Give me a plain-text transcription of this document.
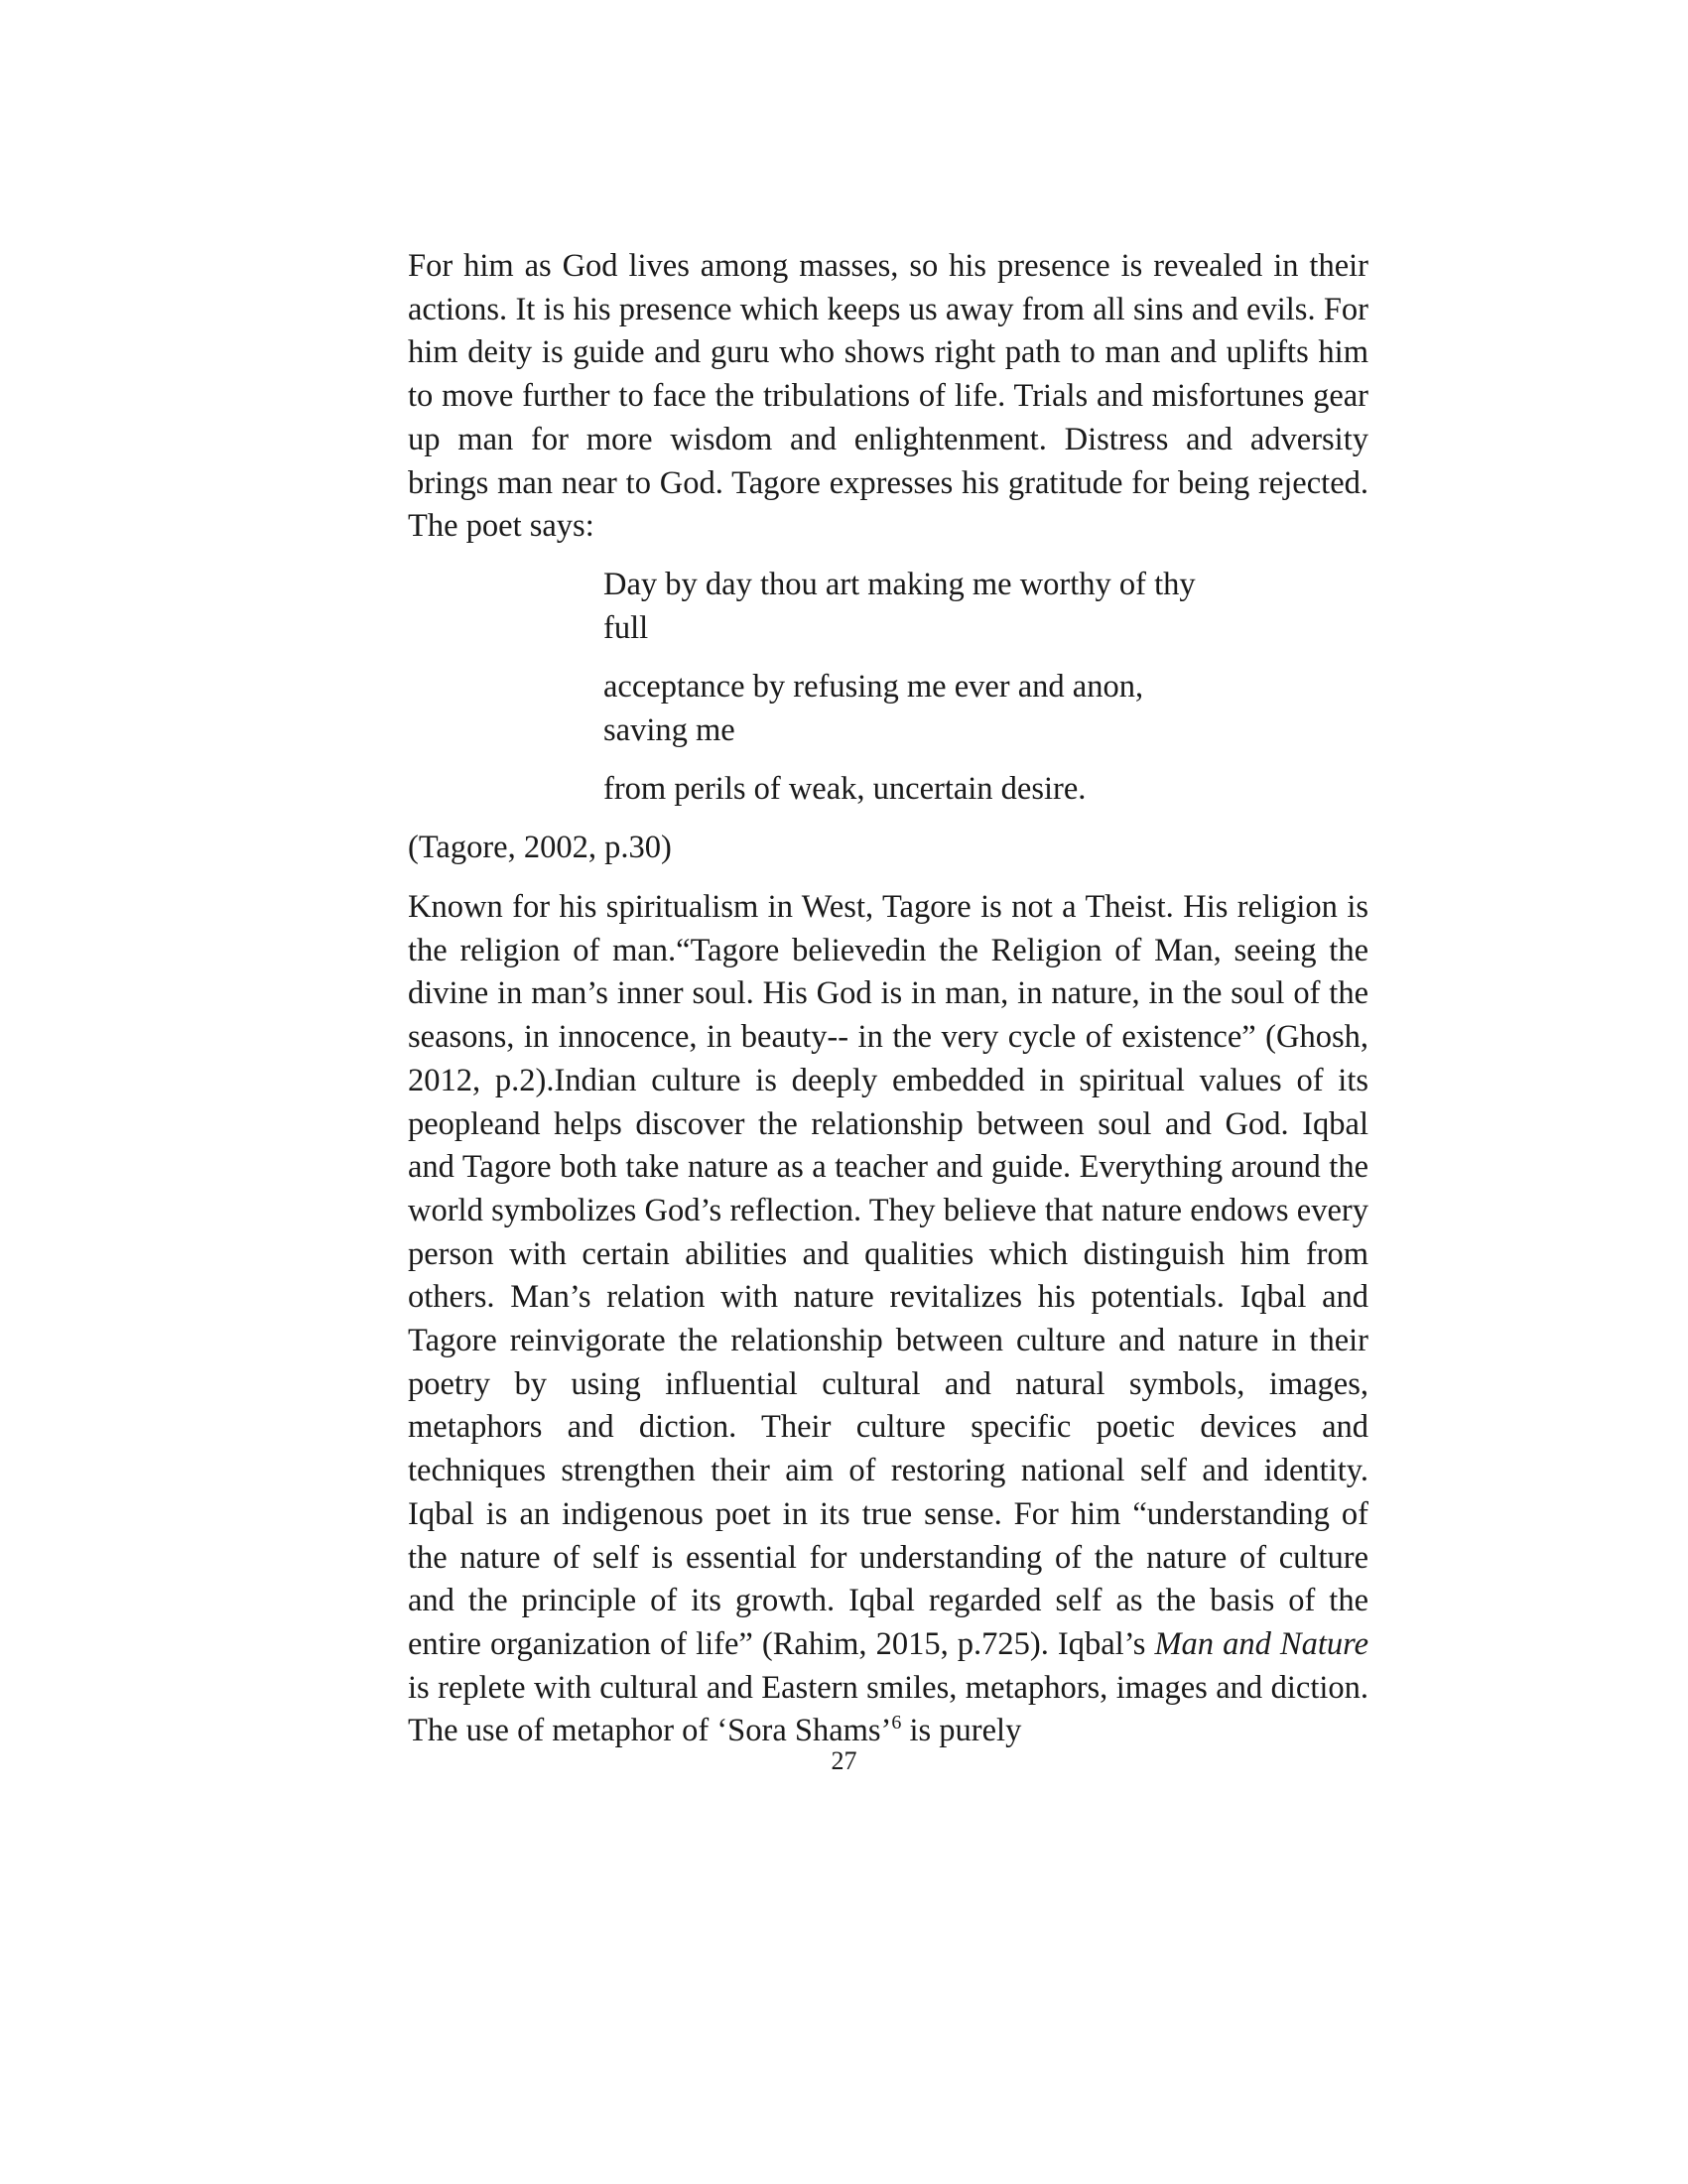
For him as God lives among masses, so his presence is revealed in their actions. It is his presence which keeps us away from all sins and evils. For him deity is guide and guru who shows right path to man and uplifts him to move further to face the tribulations of life. Trials and misfortunes gear up man for more wisdom and enlightenment. Distress and adversity brings man near to God. Tagore expresses his gratitude for being rejected. The poet says:

Day by day thou art making me worthy of thy full

acceptance by refusing me ever and anon, saving me

from perils of weak, uncertain desire.

(Tagore, 2002, p.30)

Known for his spiritualism in West, Tagore is not a Theist. His religion is the religion of man.“Tagore believedin the Religion of Man, seeing the divine in man’s inner soul. His God is in man, in nature, in the soul of the seasons, in innocence, in beauty-- in the very cycle of existence” (Ghosh, 2012, p.2).Indian culture is deeply embedded in spiritual values of its peopleand helps discover the relationship between soul and God. Iqbal and Tagore both take nature as a teacher and guide. Everything around the world symbolizes God’s reflection. They believe that nature endows every person with certain abilities and qualities which distinguish him from others. Man’s relation with nature revitalizes his potentials. Iqbal and Tagore reinvigorate the relationship between culture and nature in their poetry by using influential cultural and natural symbols, images, metaphors and diction. Their culture specific poetic devices and techniques strengthen their aim of restoring national self and identity. Iqbal is an indigenous poet in its true sense. For him “understanding of the nature of self is essential for understanding of the nature of culture and the principle of its growth. Iqbal regarded self as the basis of the entire organization of life” (Rahim, 2015, p.725). Iqbal’s Man and Nature is replete with cultural and Eastern smiles, metaphors, images and diction. The use of metaphor of ‘Sora Shams’$^6$ is purely

27
